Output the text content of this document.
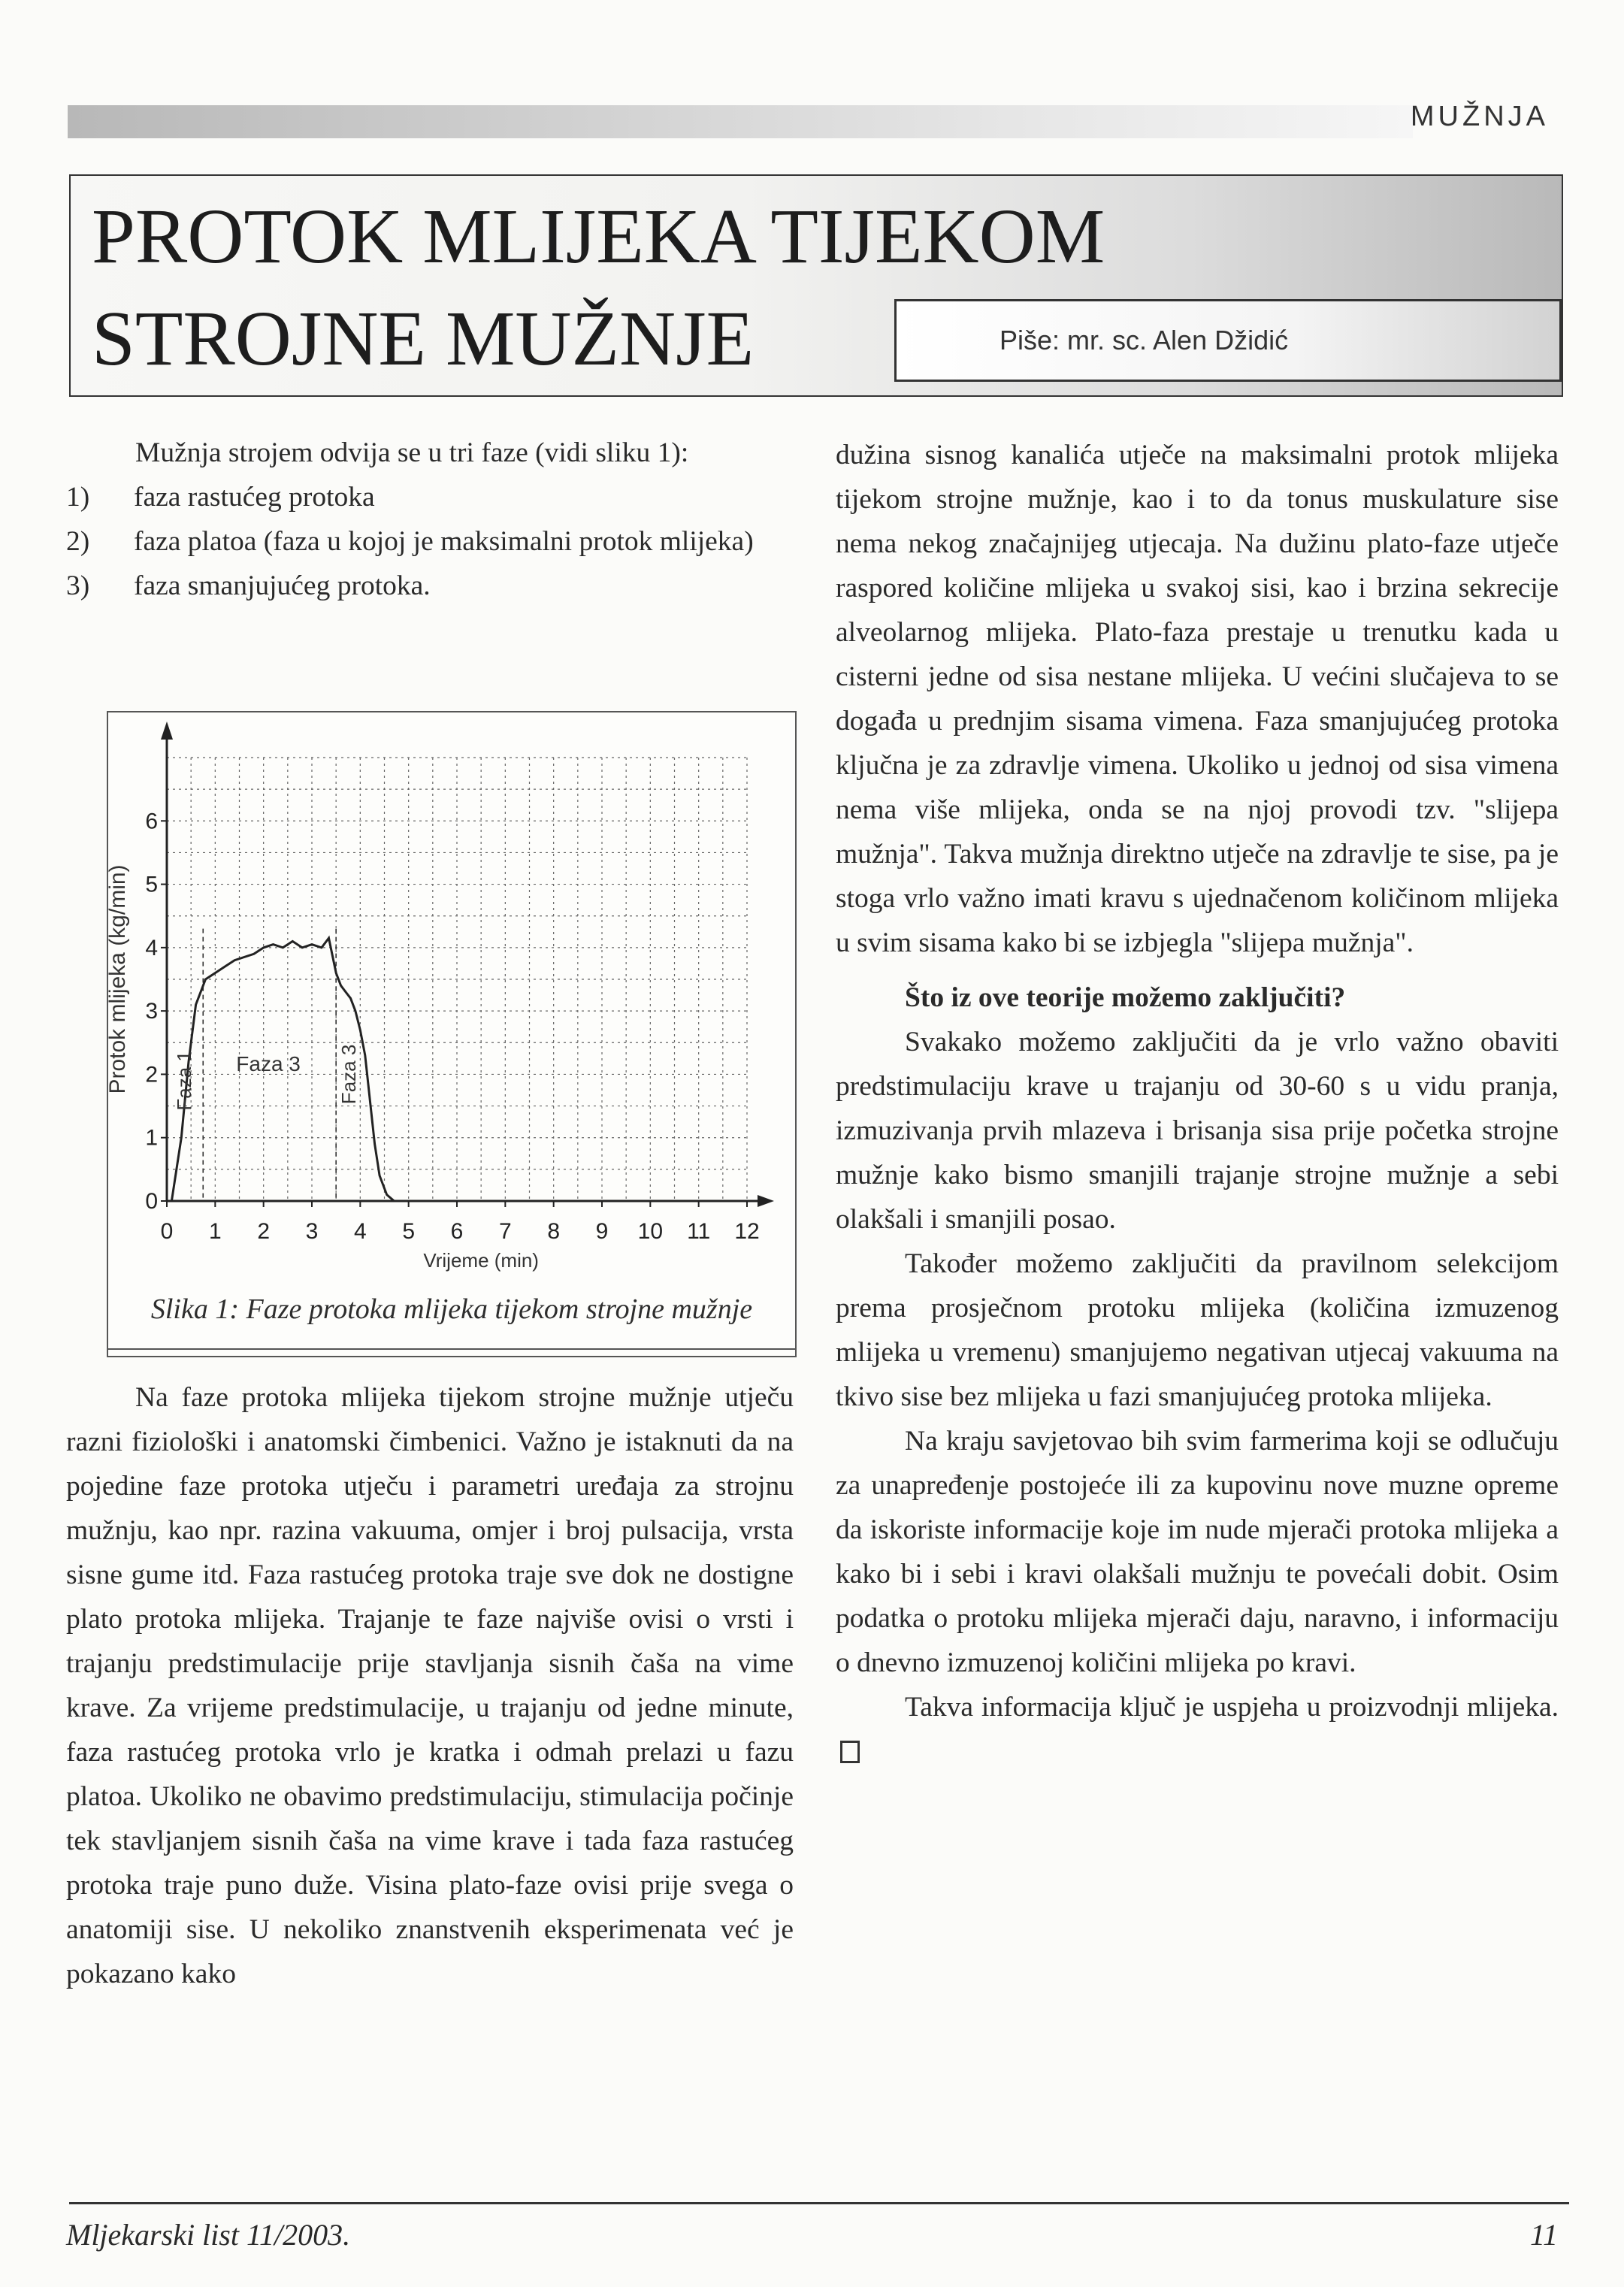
MUŽNJA
PROTOK MLIJEKA TIJEKOM
STROJNE MUŽNJE	Piše: mr. sc. Alen Džidić

Mužnja strojem odvija se u tri faze (vidi sliku 1):

1)	faza rastućeg protoka
2)	faza platoa (faza u kojoj je maksimalni protok mlijeka)
3)	faza smanjujućeg protoka.
0 1 2 3 4 5 6 7 8 9 10 11 12
0
1
2
3
4
5
6
Protok mlijeka (kg/min)
Vrijeme (min)
Faza 1 Faza 3 Faza 3
Slika 1: Faze protoka mlijeka tijekom strojne mužnje

Na faze protoka mlijeka tijekom strojne mužnje utječu razni fiziološki i anatomski čimbenici. Važno je istaknuti da na pojedine faze protoka utječu i parametri uređaja za strojnu mužnju, kao npr. razina vakuuma, omjer i broj pulsacija, vrsta sisne gume itd. Faza rastućeg protoka traje sve dok ne dostigne plato protoka mlijeka. Trajanje te faze najviše ovisi o vrsti i trajanju predstimulacije prije stavljanja sisnih čaša na vime krave. Za vrijeme predstimulacije, u trajanju od jedne minute, faza rastućeg protoka vrlo je kratka i odmah prelazi u fazu platoa. Ukoliko ne obavimo predstimulaciju, stimulacija počinje tek stavljanjem sisnih čaša na vime krave i tada faza rastućeg protoka traje puno duže. Visina plato-faze ovisi prije svega o anatomiji sise. U nekoliko znanstvenih eksperimenata već je pokazano kako

dužina sisnog kanalića utječe na maksimalni protok mlijeka tijekom strojne mužnje, kao i to da tonus muskulature sise nema nekog značajnijeg utjecaja. Na dužinu plato-faze utječe raspored količine mlijeka u svakoj sisi, kao i brzina sekrecije alveolarnog mlijeka. Plato-faza prestaje u trenutku kada u cisterni jedne od sisa nestane mlijeka. U većini slučajeva to se događa u prednjim sisama vimena. Faza smanjujućeg protoka ključna je za zdravlje vimena. Ukoliko u jednoj od sisa vimena nema više mlijeka, onda se na njoj provodi tzv. "slijepa mužnja". Takva mužnja direktno utječe na zdravlje te sise, pa je stoga vrlo važno imati kravu s ujednačenom količinom mlijeka u svim sisama kako bi se izbjegla "slijepa mužnja".

Što iz ove teorije možemo zaključiti?

Svakako možemo zaključiti da je vrlo važno obaviti predstimulaciju krave u trajanju od 30-60 s u vidu pranja, izmuzivanja prvih mlazeva i brisanja sisa prije početka strojne mužnje kako bismo smanjili trajanje strojne mužnje a sebi olakšali i smanjili posao.

Također možemo zaključiti da pravilnom selekcijom prema prosječnom protoku mlijeka (količina izmuzenog mlijeka u vremenu) smanjujemo negativan utjecaj vakuuma na tkivo sise bez mlijeka u fazi smanjujućeg protoka mlijeka.

Na kraju savjetovao bih svim farmerima koji se odlučuju za unapređenje postojeće ili za kupovinu nove muzne opreme da iskoriste informacije koje im nude mjerači protoka mlijeka a kako bi i sebi i kravi olakšali mužnju te povećali dobit. Osim podatka o protoku mlijeka mjerači daju, naravno, i informaciju o dnevno izmuzenoj količini mlijeka po kravi.

Takva informacija ključ je uspjeha u proizvodnji mlijeka.

Mljekarski list 11/2003.	11
